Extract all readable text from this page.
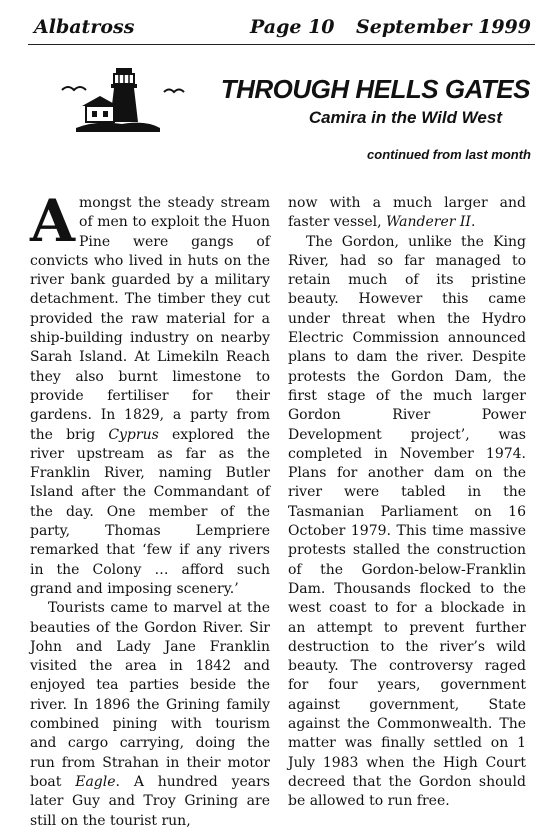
Albatross	Page 10 September 1999
THROUGH HELLS GATES
Camira in the Wild West
continued from last month

Amongst the steady stream of men to exploit the Huon Pine were gangs of convicts who lived in huts on the river bank guarded by a military detachment. The timber they cut provided the raw material for a ship-building industry on nearby Sarah Island. At Limekiln Reach they also burnt limestone to provide fertiliser for their gardens. In 1829, a party from the brig Cyprus explored the river upstream as far as the Franklin River, naming Butler Island after the Commandant of the day. One member of the party, Thomas Lempriere remarked that ‘few if any rivers in the Colony … afford such grand and imposing scenery.’

Tourists came to marvel at the beauties of the Gordon River. Sir John and Lady Jane Franklin visited the area in 1842 and enjoyed tea parties beside the river. In 1896 the Grining family combined pining with tourism and cargo carrying, doing the run from Strahan in their motor boat Eagle. A hundred years later Guy and Troy Grining are still on the tourist run,

now with a much larger and faster vessel, Wanderer II.

The Gordon, unlike the King River, had so far managed to retain much of its pristine beauty. However this came under threat when the Hydro Electric Commission announced plans to dam the river. Despite protests the Gordon Dam, the first stage of the much larger Gordon River Power Development project’, was completed in November 1974. Plans for another dam on the river were tabled in the Tasmanian Parliament on 16 October 1979. This time massive protests stalled the construction of the Gordon-below-Franklin Dam. Thousands flocked to the west coast to for a blockade in an attempt to prevent further destruction to the river’s wild beauty. The controversy raged for four years, government against government, State against the Commonwealth. The matter was finally settled on 1 July 1983 when the High Court decreed that the Gordon should be allowed to run free.
